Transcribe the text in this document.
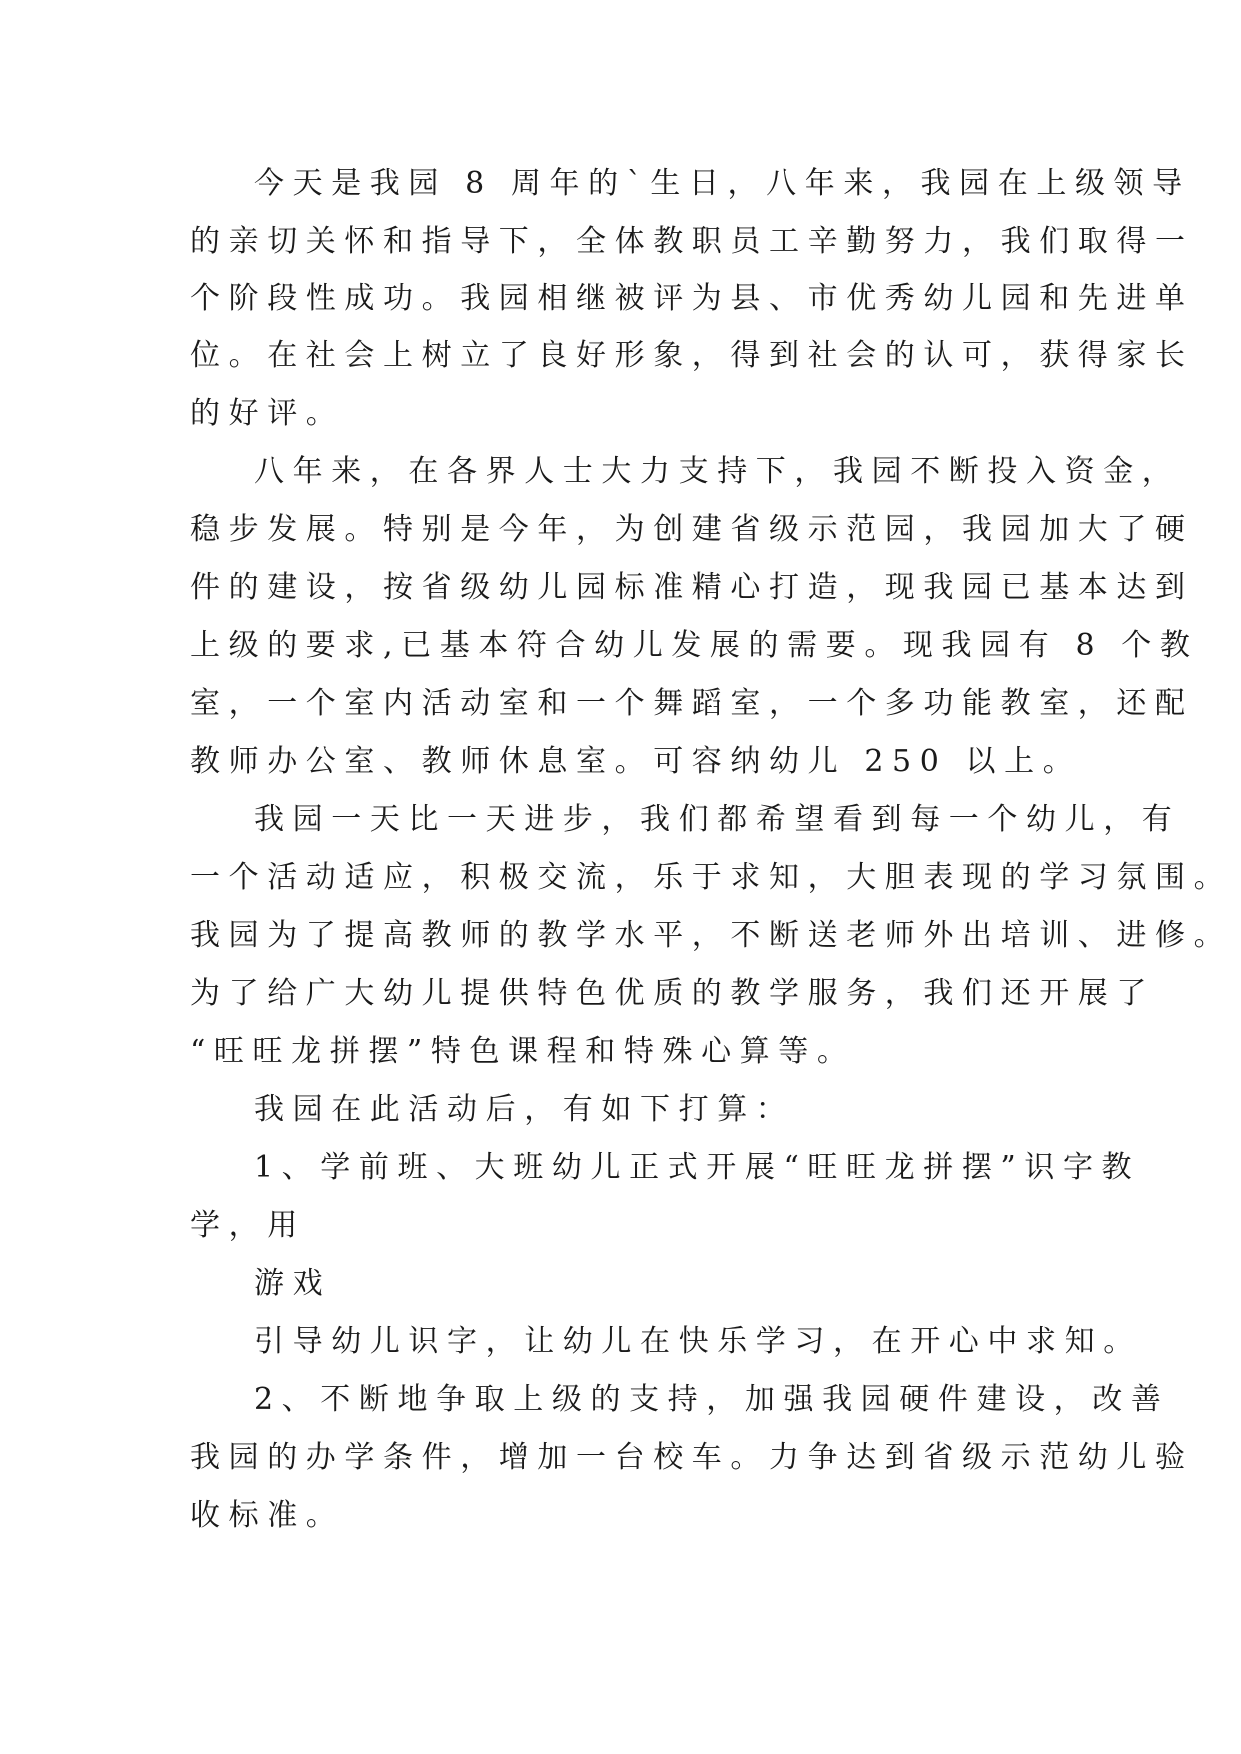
今天是我园 8 周年的`生日，八年来，我园在上级领导
的亲切关怀和指导下，全体教职员工辛勤努力，我们取得一
个阶段性成功。我园相继被评为县、市优秀幼儿园和先进单
位。在社会上树立了良好形象，得到社会的认可，获得家长
的好评。
八年来，在各界人士大力支持下，我园不断投入资金，
稳步发展。特别是今年，为创建省级示范园，我园加大了硬
件的建设，按省级幼儿园标准精心打造，现我园已基本达到
上级的要求,已基本符合幼儿发展的需要。现我园有 8 个教
室，一个室内活动室和一个舞蹈室，一个多功能教室，还配
教师办公室、教师休息室。可容纳幼儿 250 以上。
我园一天比一天进步，我们都希望看到每一个幼儿，有
一个活动适应，积极交流，乐于求知，大胆表现的学习氛围。
我园为了提高教师的教学水平，不断送老师外出培训、进修。
为了给广大幼儿提供特色优质的教学服务，我们还开展了
“旺旺龙拼摆”特色课程和特殊心算等。
我园在此活动后，有如下打算：
1、学前班、大班幼儿正式开展“旺旺龙拼摆”识字教
学，用
游戏
引导幼儿识字，让幼儿在快乐学习，在开心中求知。
2、不断地争取上级的支持，加强我园硬件建设，改善
我园的办学条件，增加一台校车。力争达到省级示范幼儿验
收标准。
